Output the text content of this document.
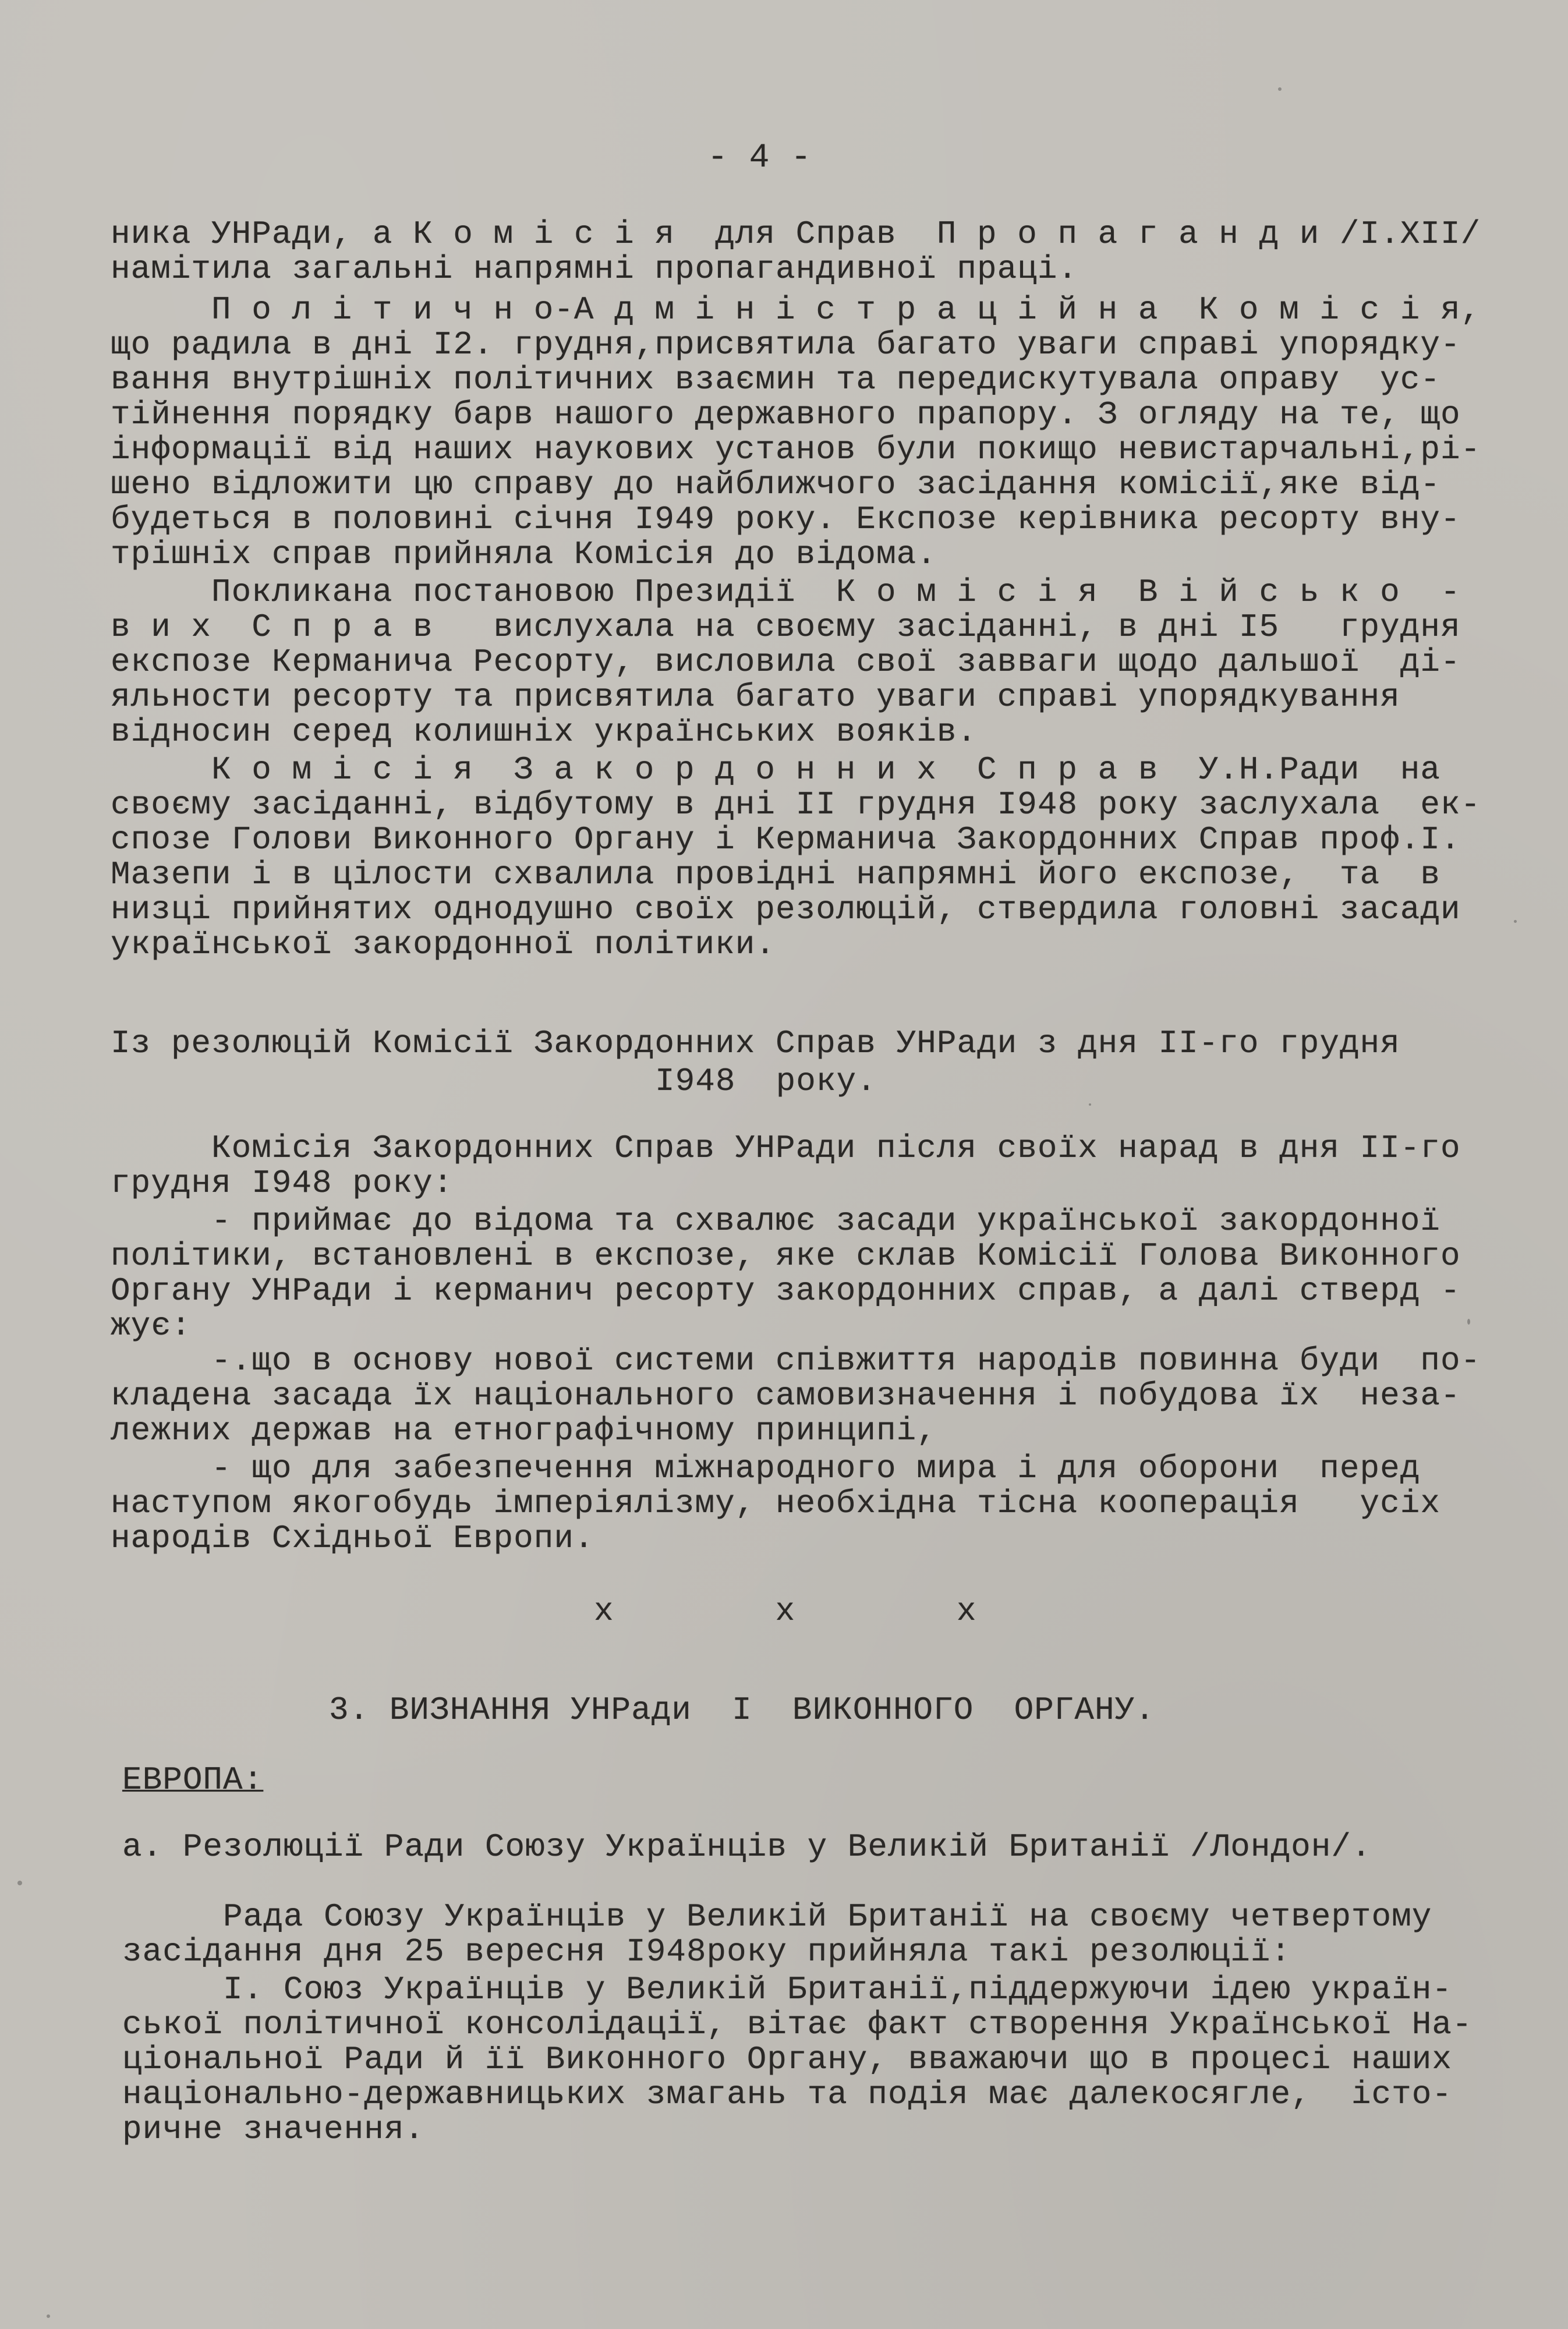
- 4 -
ника УНРади, а К о м і с і я  для Справ  П р о п а г а н д и /І.ХІІ/
намітила загальні напрямні пропагандивної праці.
П о л і т и ч н о-А д м і н і с т р а ц і й н а  К о м і с і я,
що радила в дні І2. грудня,присвятила багато уваги справі упорядку-
вання внутрішніх політичних взаємин та передискутувала оправу  ус-
тійнення порядку барв нашого державного прапору. З огляду на те, що
інформації від наших наукових установ були покищо невистарчальні,рі-
шено відложити цю справу до найближчого засідання комісії,яке від-
будеться в половині січня І949 року. Експозе керівника ресорту вну-
трішніх справ прийняла Комісія до відома.
Покликана постановою Президії  К о м і с і я  В і й с ь к о  -
в и х  С п р а в   вислухала на своєму засіданні, в дні І5   грудня
експозе Керманича Ресорту, висловила свої завваги щодо дальшої  ді-
яльности ресорту та присвятила багато уваги справі упорядкування
відносин серед колишніх українських вояків.
К о м і с і я  З а к о р д о н н и х  С п р а в  У.Н.Ради  на
своєму засіданні, відбутому в дні ІІ грудня І948 року заслухала  ек-
спозе Голови Виконного Органу і Керманича Закордонних Справ проф.І.
Мазепи і в цілости схвалила провідні напрямні його експозе,  та  в
низці прийнятих однодушно своїх резолюцій, ствердила головні засади
української закордонної політики.
Із резолюцій Комісії Закордонних Справ УНРади з дня ІІ-го грудня
І948  року.
Комісія Закордонних Справ УНРади після своїх нарад в дня ІІ-го
грудня І948 року:
- приймає до відома та схвалює засади української закордонної
політики, встановлені в експозе, яке склав Комісії Голова Виконного
Органу УНРади і керманич ресорту закордонних справ, а далі стверд -
жує:
-.що в основу нової системи співжиття народів повинна буди  по-
кладена засада їх національного самовизначення і побудова їх  неза-
лежних держав на етнографічному принципі,
- що для забезпечення міжнародного мира і для оборони  перед
наступом якогобудь імперіялізму, необхідна тісна кооперація   усіх
народів Східньої Европи.
x        x        x
3. ВИЗНАННЯ УНРади  І  ВИКОННОГО  ОРГАНУ.
ЕВРОПА:
а. Резолюції Ради Союзу Українців у Великій Британії /Лондон/.
Рада Союзу Українців у Великій Британії на своєму четвертому
засідання дня 25 вересня І948року прийняла такі резолюції:
І. Союз Українців у Великій Британії,піддержуючи ідею україн-
ської політичної консолідації, вітає факт створення Української На-
ціональної Ради й її Виконного Органу, вважаючи що в процесі наших
національно-державницьких змагань та подія має далекосягле,  істо-
ричне значення.
